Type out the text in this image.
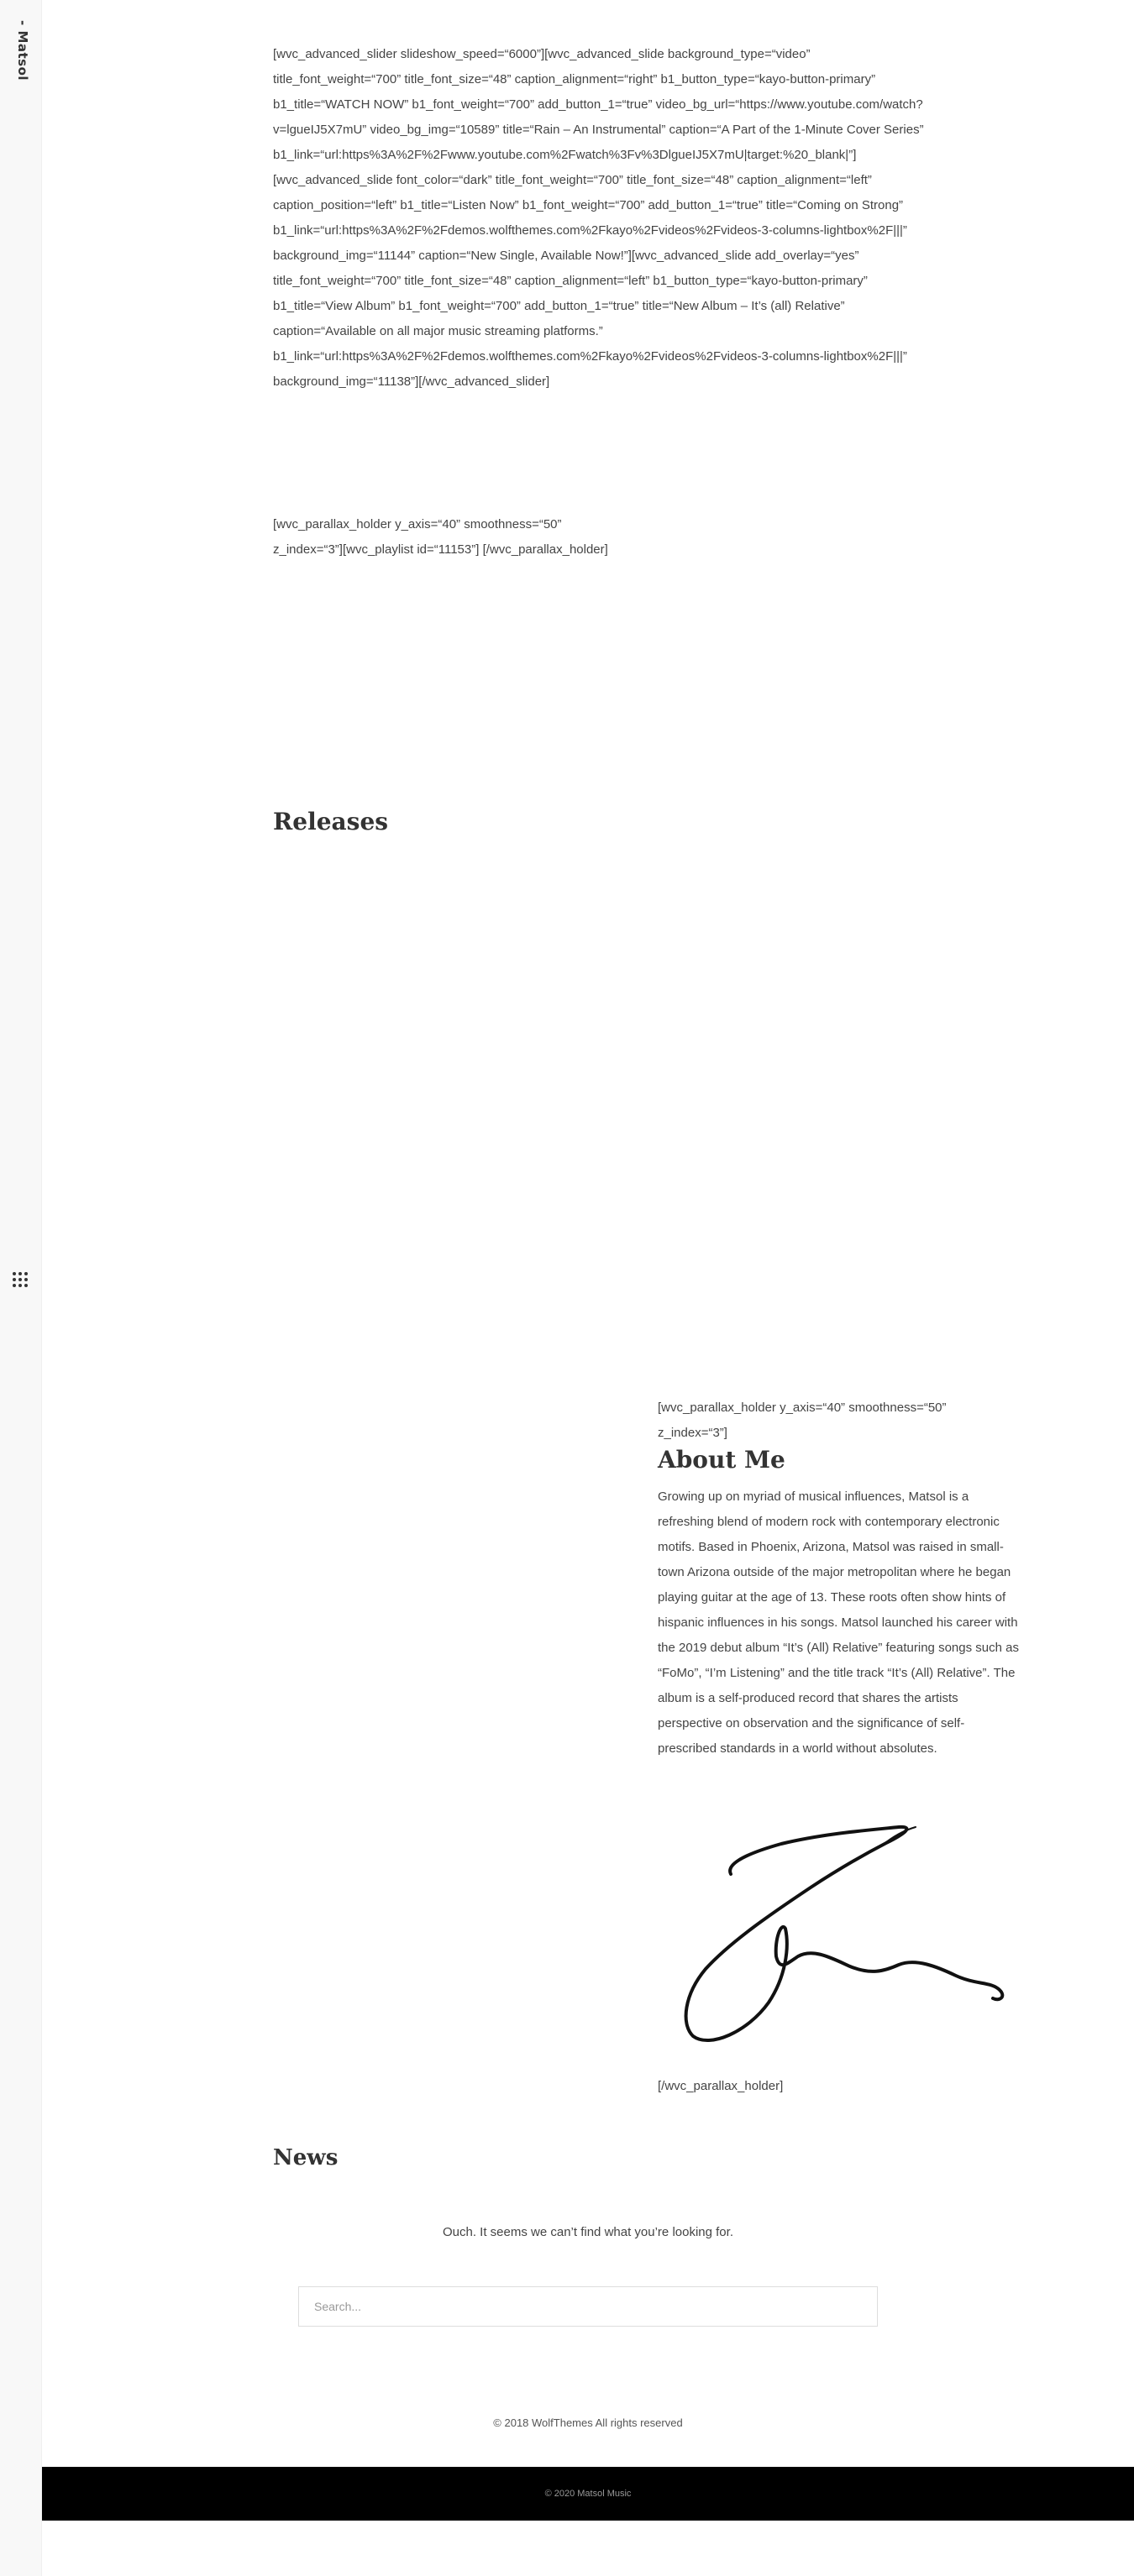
- Matsol	[wvc_advanced_slider slideshow_speed=“6000”][wvc_advanced_slide background_type=“video” title_font_weight=“700” title_font_size=“48” caption_alignment=“right” b1_button_type=“kayo-button-primary” b1_title=“WATCH NOW” b1_font_weight=“700” add_button_1=“true” video_bg_url=“https://www.youtube.com/watch?v=lgueIJ5X7mU” video_bg_img=“10589” title=“Rain – An Instrumental” caption=“A Part of the 1-Minute Cover Series” b1_link=“url:https%3A%2F%2Fwww.youtube.com%2Fwatch%3Fv%3DlgueIJ5X7mU|target:%20_blank|”] [wvc_advanced_slide font_color=“dark” title_font_weight=“700” title_font_size=“48” caption_alignment=“left” caption_position=“left” b1_title=“Listen Now” b1_font_weight=“700” add_button_1=“true” title=“Coming on Strong” b1_link=“url:https%3A%2F%2Fdemos.wolfthemes.com%2Fkayo%2Fvideos%2Fvideos-3-columns-lightbox%2F|||” background_img=“11144” caption=“New Single, Available Now!”][wvc_advanced_slide add_overlay=“yes” title_font_weight=“700” title_font_size=“48” caption_alignment=“left” b1_button_type=“kayo-button-primary” b1_title=“View Album” b1_font_weight=“700” add_button_1=“true” title=“New Album – It’s (all) Relative” caption=“Available on all major music streaming platforms.” b1_link=“url:https%3A%2F%2Fdemos.wolfthemes.com%2Fkayo%2Fvideos%2Fvideos-3-columns-lightbox%2F|||” background_img=“11138”][/wvc_advanced_slider]
[wvc_parallax_holder y_axis=“40” smoothness=“50” z_index=“3”][wvc_playlist id=“11153”] [/wvc_parallax_holder]
Releases
[wvc_parallax_holder y_axis=“40” smoothness=“50” z_index=“3”]
About Me
Growing up on myriad of musical influences, Matsol is a refreshing blend of modern rock with contemporary electronic motifs. Based in Phoenix, Arizona, Matsol was raised in small-town Arizona outside of the major metropolitan where he began playing guitar at the age of 13. These roots often show hints of hispanic influences in his songs. Matsol launched his career with the 2019 debut album “It’s (All) Relative” featuring songs such as “FoMo”, “I’m Listening” and the title track “It’s (All) Relative”. The album is a self-produced record that shares the artists perspective on observation and the significance of self-prescribed standards in a world without absolutes.
[/wvc_parallax_holder]
News
Ouch. It seems we can’t find what you’re looking for.
Search...
© 2018 WolfThemes All rights reserved
© 2020 Matsol Music
